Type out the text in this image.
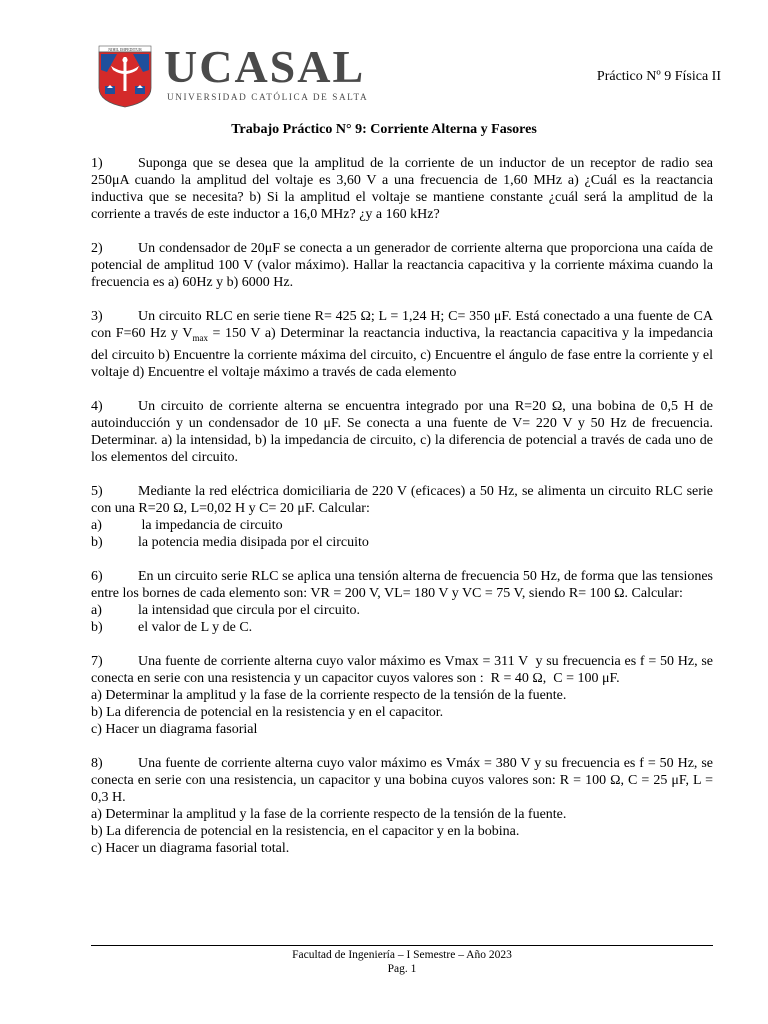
NIHIL IMPEDITUR UCASAL
UNIVERSIDAD CATÓLICA DE SALTA
Práctico Nº 9 Física II
Trabajo Práctico N° 9: Corriente Alterna y Fasores

1)	Suponga que se desea que la amplitud de la corriente de un inductor de un receptor de radio sea 250μA cuando la amplitud del voltaje es 3,60 V a una frecuencia de 1,60 MHz a) ¿Cuál es la reactancia inductiva que se necesita? b) Si la amplitud el voltaje se mantiene constante ¿cuál será la amplitud de la corriente a través de este inductor a 16,0 MHz? ¿y a 160 kHz?

2)	Un condensador de 20μF se conecta a un generador de corriente alterna que proporciona una caída de potencial de amplitud 100 V (valor máximo). Hallar la reactancia capacitiva y la corriente máxima cuando la frecuencia es a) 60Hz y b) 6000 Hz.

3)	Un circuito RLC en serie tiene R= 425 Ω; L = 1,24 H; C= 350 μF. Está conectado a una fuente de CA con F=60 Hz y $V_{max} = 150$ V a) Determinar la reactancia inductiva, la reactancia capacitiva y la impedancia del circuito b) Encuentre la corriente máxima del circuito, c) Encuentre el ángulo de fase entre la corriente y el voltaje d) Encuentre el voltaje máximo a través de cada elemento

4)	Un circuito de corriente alterna se encuentra integrado por una R=20 Ω, una bobina de 0,5 H de autoinducción y un condensador de 10 μF. Se conecta a una fuente de V= 220 V y 50 Hz de frecuencia. Determinar. a) la intensidad, b) la impedancia de circuito, c) la diferencia de potencial a través de cada uno de los elementos del circuito.

5)	Mediante la red eléctrica domiciliaria de 220 V (eficaces) a 50 Hz, se alimenta un circuito RLC serie con una R=20 Ω, L=0,02 H y C= 20 μF. Calcular:

a)	la impedancia de circuito
b)	la potencia media disipada por el circuito

6)	En un circuito serie RLC se aplica una tensión alterna de frecuencia 50 Hz, de forma que las tensiones entre los bornes de cada elemento son: VR = 200 V, VL= 180 V y VC = 75 V, siendo R= 100 Ω. Calcular:

a)	la intensidad que circula por el circuito.
b)	el valor de L y de C.

7)	Una fuente de corriente alterna cuyo valor máximo es Vmax = 311 V  y su frecuencia es f = 50 Hz, se conecta en serie con una resistencia y un capacitor cuyos valores son :  R = 40 Ω,  C = 100 μF.

a) Determinar la amplitud y la fase de la corriente respecto de la tensión de la fuente.

b) La diferencia de potencial en la resistencia y en el capacitor.

c) Hacer un diagrama fasorial

8)	Una fuente de corriente alterna cuyo valor máximo es Vmáx = 380 V y su frecuencia es f = 50 Hz, se conecta en serie con una resistencia, un capacitor y una bobina cuyos valores son: R = 100 Ω, C = 25 μF, L = 0,3 H.

a) Determinar la amplitud y la fase de la corriente respecto de la tensión de la fuente.

b) La diferencia de potencial en la resistencia, en el capacitor y en la bobina.

c) Hacer un diagrama fasorial total.

Facultad de Ingeniería – I Semestre – Año 2023
Pag. 1
